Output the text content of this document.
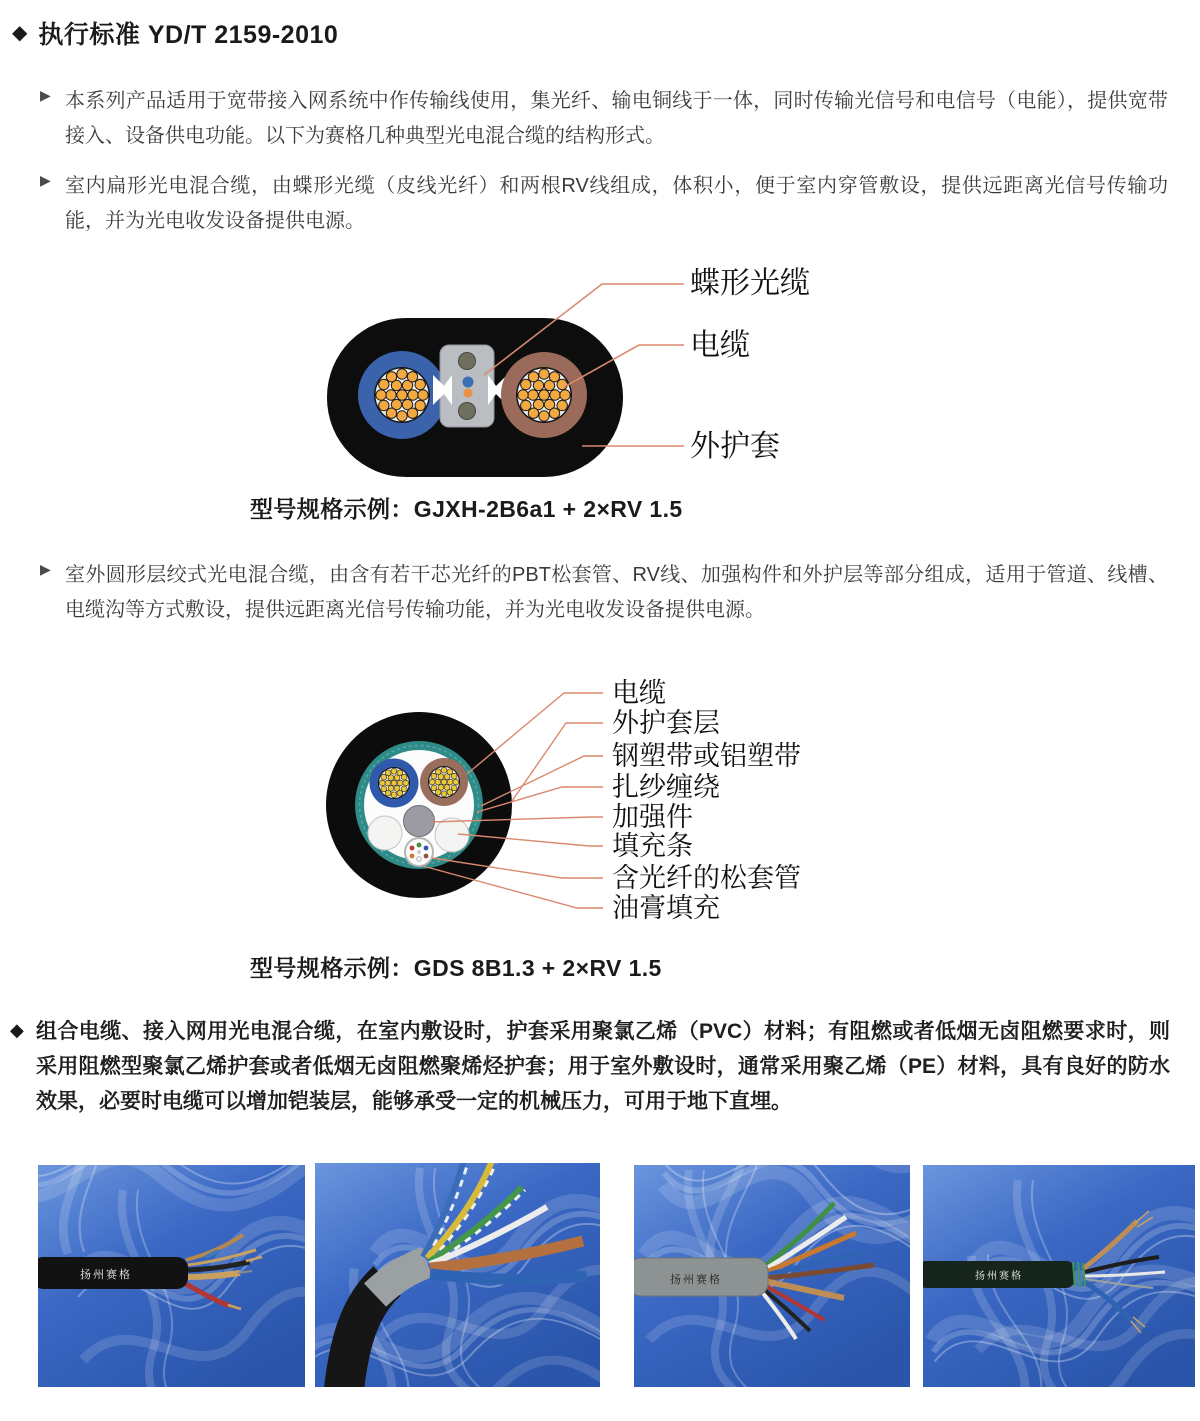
◆ 执行标准 YD/T 2159-2010
▶ 本系列产品适用于宽带接入网系统中作传输线使用，集光纤、输电铜线于一体，同时传输光信号和电信号（电能），提供宽带接入、设备供电功能。以下为赛格几种典型光电混合缆的结构形式。
▶ 室内扁形光电混合缆，由蝶形光缆（皮线光纤）和两根RV线组成，体积小，便于室内穿管敷设，提供远距离光信号传输功能，并为光电收发设备提供电源。
蝶形光缆
电缆
外护套
型号规格示例：GJXH-2B6a1 + 2×RV 1.5
▶ 室外圆形层绞式光电混合缆，由含有若干芯光纤的PBT松套管、RV线、加强构件和外护层等部分组成，适用于管道、线槽、电缆沟等方式敷设，提供远距离光信号传输功能，并为光电收发设备提供电源。
电缆
外护套层
钢塑带或铝塑带
扎纱缠绕
加强件
填充条
含光纤的松套管
油膏填充
型号规格示例：GDS 8B1.3 + 2×RV 1.5
◆ 组合电缆、接入网用光电混合缆，在室内敷设时，护套采用聚氯乙烯（PVC）材料；有阻燃或者低烟无卤阻燃要求时，则采用阻燃型聚氯乙烯护套或者低烟无卤阻燃聚烯烃护套；用于室外敷设时，通常采用聚乙烯（PE）材料，具有良好的防水效果，必要时电缆可以增加铠装层，能够承受一定的机械压力，可用于地下直埋。
扬州赛格	扬州赛格	扬州赛格
